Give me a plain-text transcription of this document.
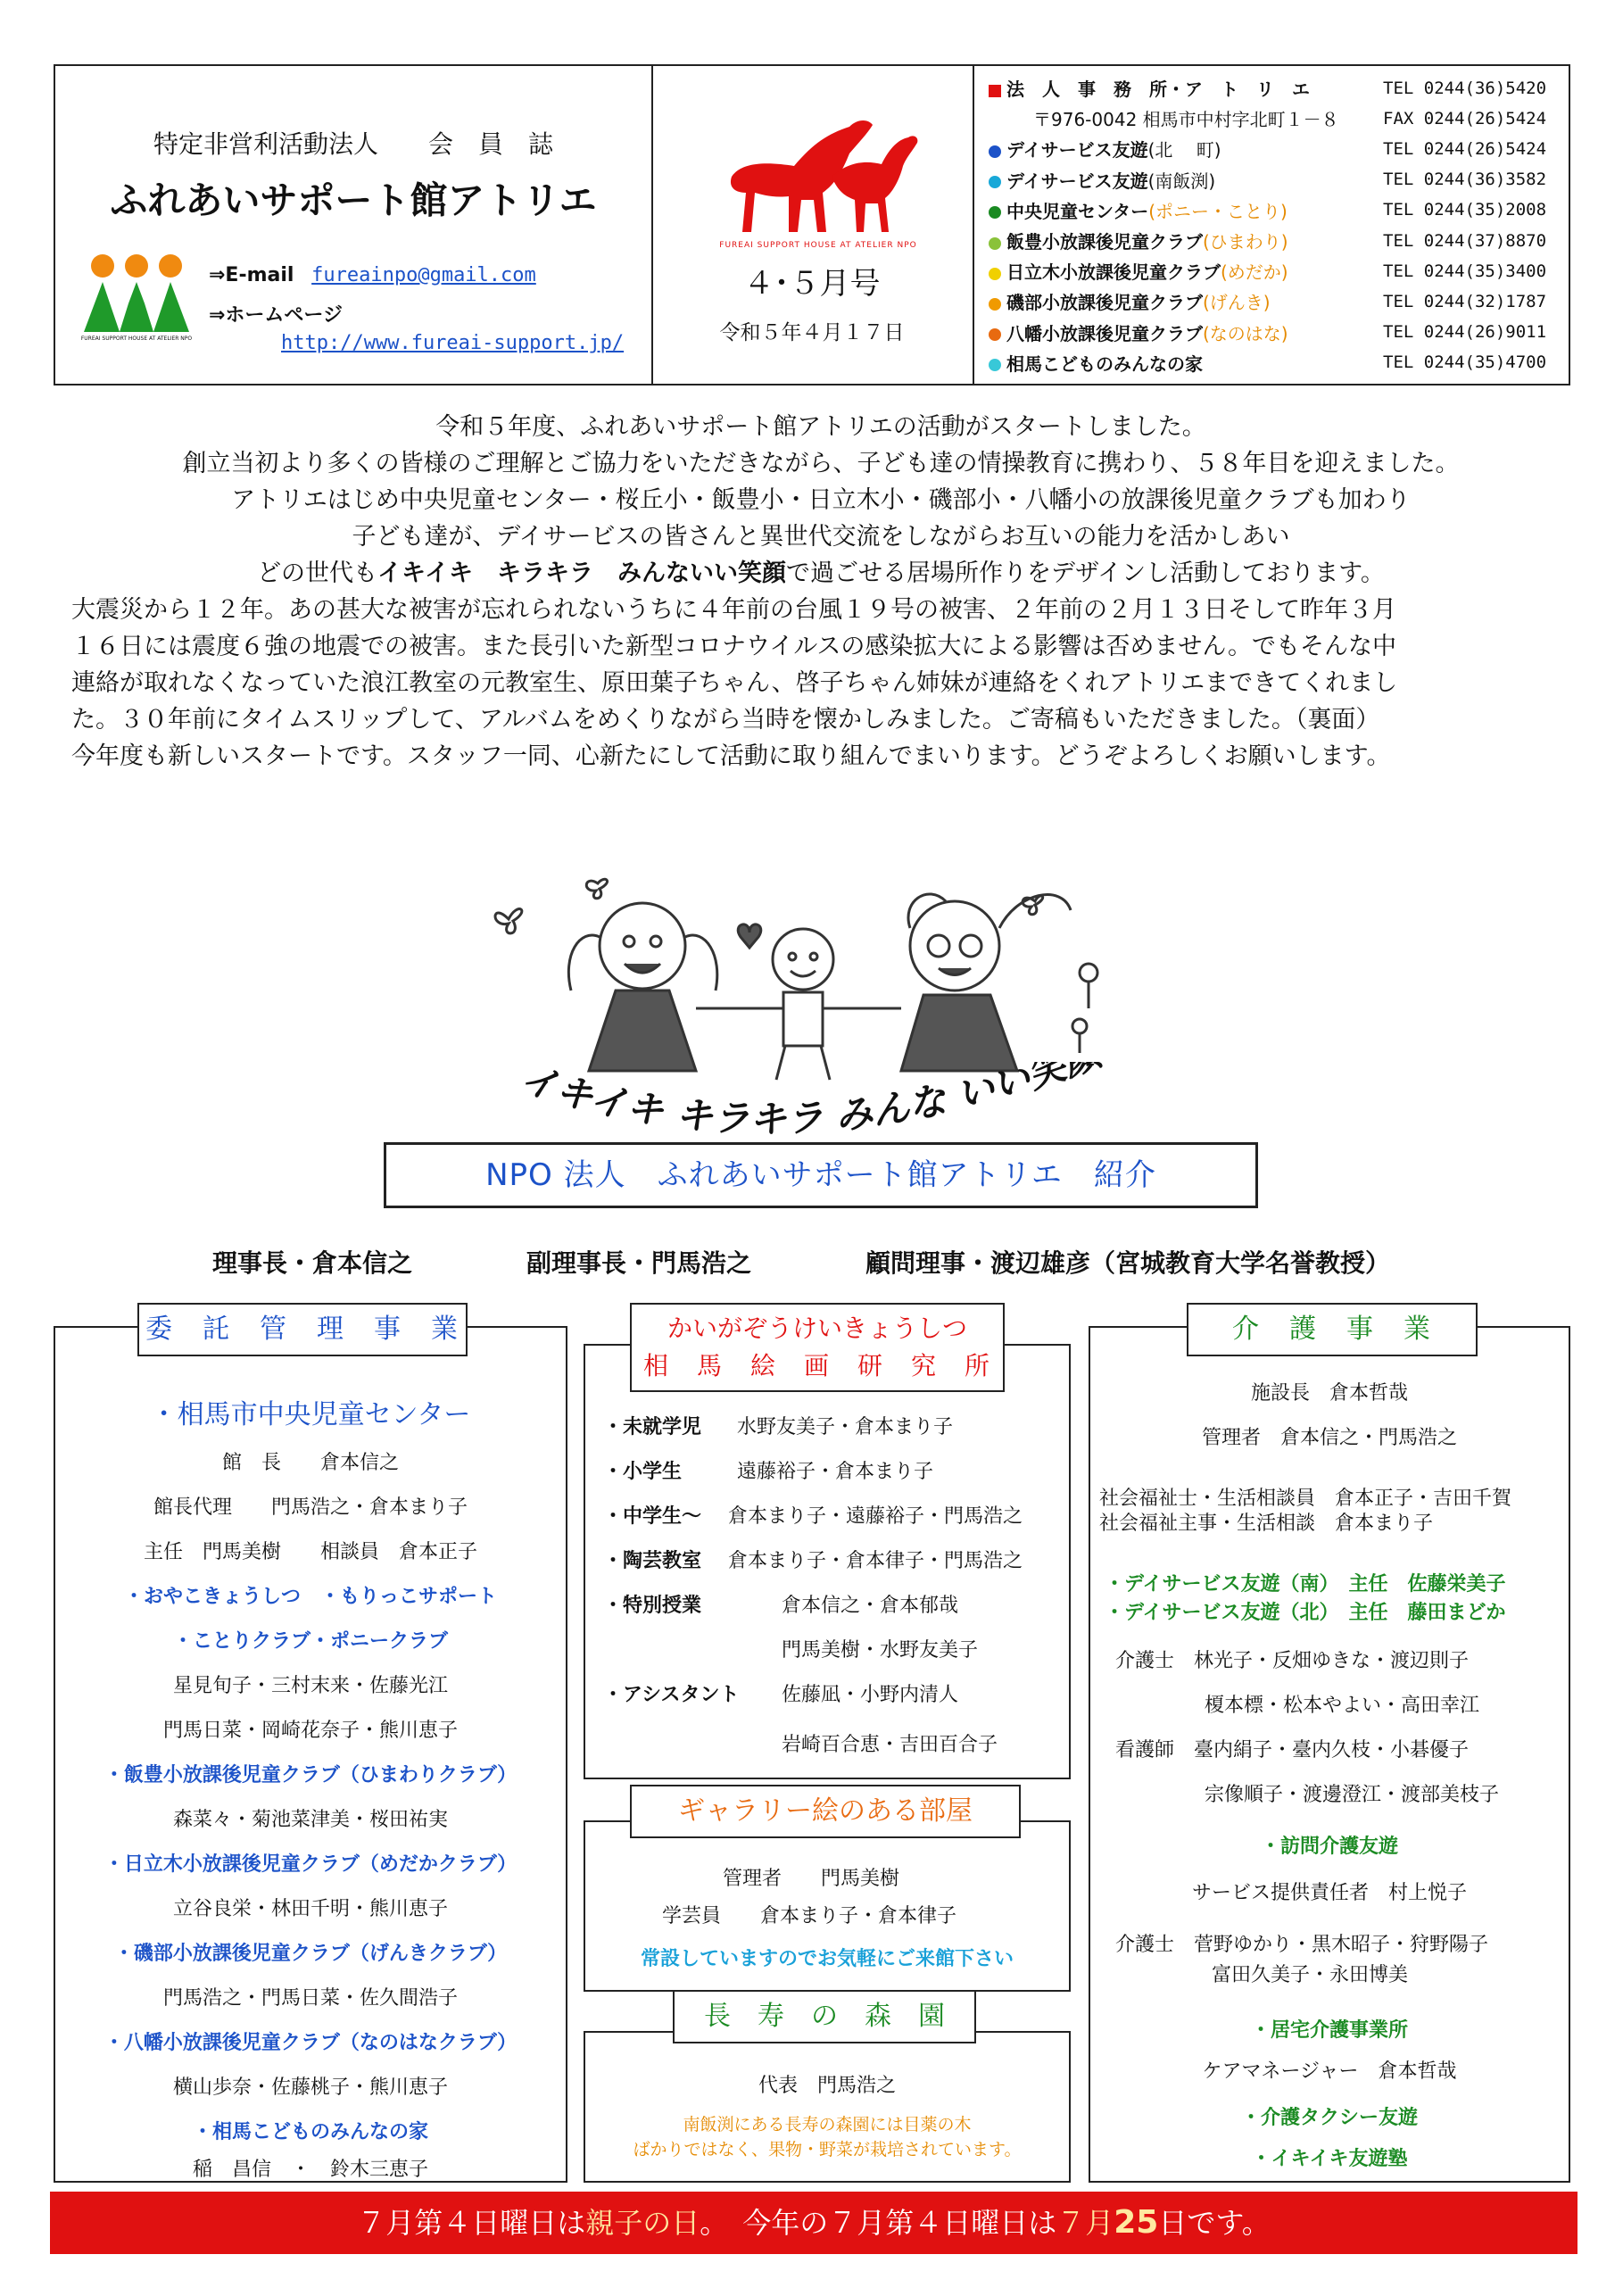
特定非営利活動法人　　会　員　誌
ふれあいサポート館アトリエ
FUREAI SUPPORT HOUSE AT ATELIER NPO
⇒E-mail fureainpo@gmail.com
⇒ホームページ
http://www.fureai-support.jp/
FUREAI SUPPORT HOUSE AT ATELIER NPO
４･５月号
令和５年４月１７日
法　人　事　務　所・ア　ト　リ　エ	TEL 0244(36)5420
〒976-0042 相馬市中村字北町１－８	FAX 0244(26)5424
デイサービス友遊(北　 町)	TEL 0244(26)5424
デイサービス友遊(南飯渕)	TEL 0244(36)3582
中央児童センター(ポニー・ことり)	TEL 0244(35)2008
飯豊小放課後児童クラブ(ひまわり)	TEL 0244(37)8870
日立木小放課後児童クラブ(めだか)	TEL 0244(35)3400
磯部小放課後児童クラブ(げんき)	TEL 0244(32)1787
八幡小放課後児童クラブ(なのはな)	TEL 0244(26)9011
相馬こどものみんなの家	TEL 0244(35)4700
令和５年度、ふれあいサポート館アトリエの活動がスタートしました。
創立当初より多くの皆様のご理解とご協力をいただきながら、子ども達の情操教育に携わり、５８年目を迎えました。
アトリエはじめ中央児童センター・桜丘小・飯豊小・日立木小・磯部小・八幡小の放課後児童クラブも加わり
子ども達が、デイサービスの皆さんと異世代交流をしながらお互いの能力を活かしあい
どの世代もイキイキ　キラキラ　みんないい笑顔で過ごせる居場所作りをデザインし活動しております。
大震災から１２年。あの甚大な被害が忘れられないうちに４年前の台風１９号の被害、２年前の２月１３日そして昨年３月
１６日には震度６強の地震での被害。また長引いた新型コロナウイルスの感染拡大による影響は否めません。でもそんな中
連絡が取れなくなっていた浪江教室の元教室生、原田葉子ちゃん、啓子ちゃん姉妹が連絡をくれアトリエまできてくれまし
た。３０年前にタイムスリップして、アルバムをめくりながら当時を懐かしみました。ご寄稿もいただきました。（裏面）
今年度も新しいスタートです。スタッフ一同、心新たにして活動に取り組んでまいります。どうぞよろしくお願いします。
イキイキ キラキラ みんな いい笑
NPO 法人　ふれあいサポート館アトリエ　紹介
理事長・倉本信之	副理事長・門馬浩之	顧問理事・渡辺雄彦（宮城教育大学名誉教授）
委　託　管　理　事　業
・相馬市中央児童センター
館　長　　倉本信之
館長代理　　門馬浩之・倉本まり子
主任　門馬美樹　　相談員　倉本正子
・おやこきょうしつ　・もりっこサポート
・ことりクラブ・ポニークラブ
星見旬子・三村末来・佐藤光江
門馬日菜・岡崎花奈子・熊川恵子
・飯豊小放課後児童クラブ（ひまわりクラブ）
森菜々・菊池菜津美・桜田祐実
・日立木小放課後児童クラブ（めだかクラブ）
立谷良栄・林田千明・熊川恵子
・磯部小放課後児童クラブ（げんきクラブ）
門馬浩之・門馬日菜・佐久間浩子
・八幡小放課後児童クラブ（なのはなクラブ）
横山歩奈・佐藤桃子・熊川恵子
・相馬こどものみんなの家
稲　昌信　・　鈴木三恵子
かいがぞうけいきょうしつ
相　馬　絵　画　研　究　所
・未就学児 水野友美子・倉本まり子
・小学生	遠藤裕子・倉本まり子
・中学生～ 倉本まり子・遠藤裕子・門馬浩之
・陶芸教室 倉本まり子・倉本律子・門馬浩之
・特別授業	倉本信之・倉本郁哉
門馬美樹・水野友美子
・アシスタント 佐藤凪・小野内清人
岩崎百合恵・吉田百合子
ギャラリー絵のある部屋
管理者　　門馬美樹
学芸員　　倉本まり子・倉本律子
常設していますのでお気軽にご来館下さい
長　寿　の　森　園
代表　門馬浩之
南飯渕にある長寿の森園には目薬の木
ばかりではなく、果物・野菜が栽培されています。
介　護　事　業
施設長　倉本哲哉
管理者　倉本信之・門馬浩之
社会福祉士・生活相談員　倉本正子・吉田千賀
社会福祉主事・生活相談　倉本まり子
・デイサービス友遊（南）　主任　佐藤栄美子
・デイサービス友遊（北）　主任　藤田まどか
介護士　林光子・反畑ゆきな・渡辺則子
榎本標・松本やよい・高田幸江
看護師　臺内絹子・臺内久枝・小碁優子
宗像順子・渡邊澄江・渡部美枝子
・訪問介護友遊
サービス提供責任者　村上悦子
介護士　菅野ゆかり・黒木昭子・狩野陽子
富田久美子・永田博美
・居宅介護事業所
ケアマネージャー　倉本哲哉
・介護タクシー友遊
・イキイキ友遊塾
７月第４日曜日は親子の日。　今年の７月第４日曜日は７月25日です。
